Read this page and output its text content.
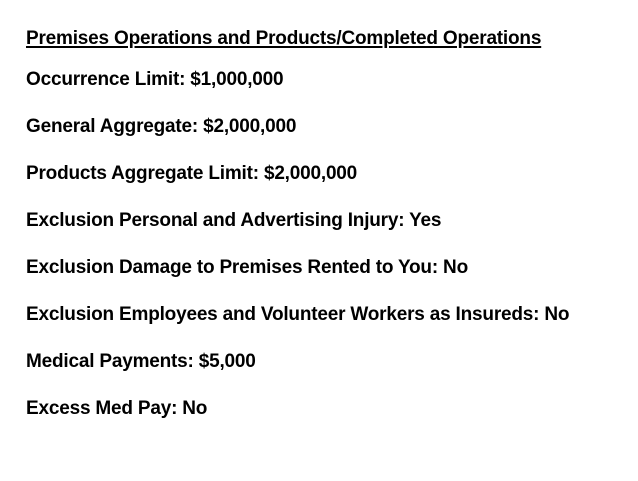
Premises Operations and Products/Completed Operations
Occurrence Limit: $1,000,000
General Aggregate: $2,000,000
Products Aggregate Limit: $2,000,000
Exclusion Personal and Advertising Injury: Yes
Exclusion Damage to Premises Rented to You: No
Exclusion Employees and Volunteer Workers as Insureds: No
Medical Payments: $5,000
Excess Med Pay: No
